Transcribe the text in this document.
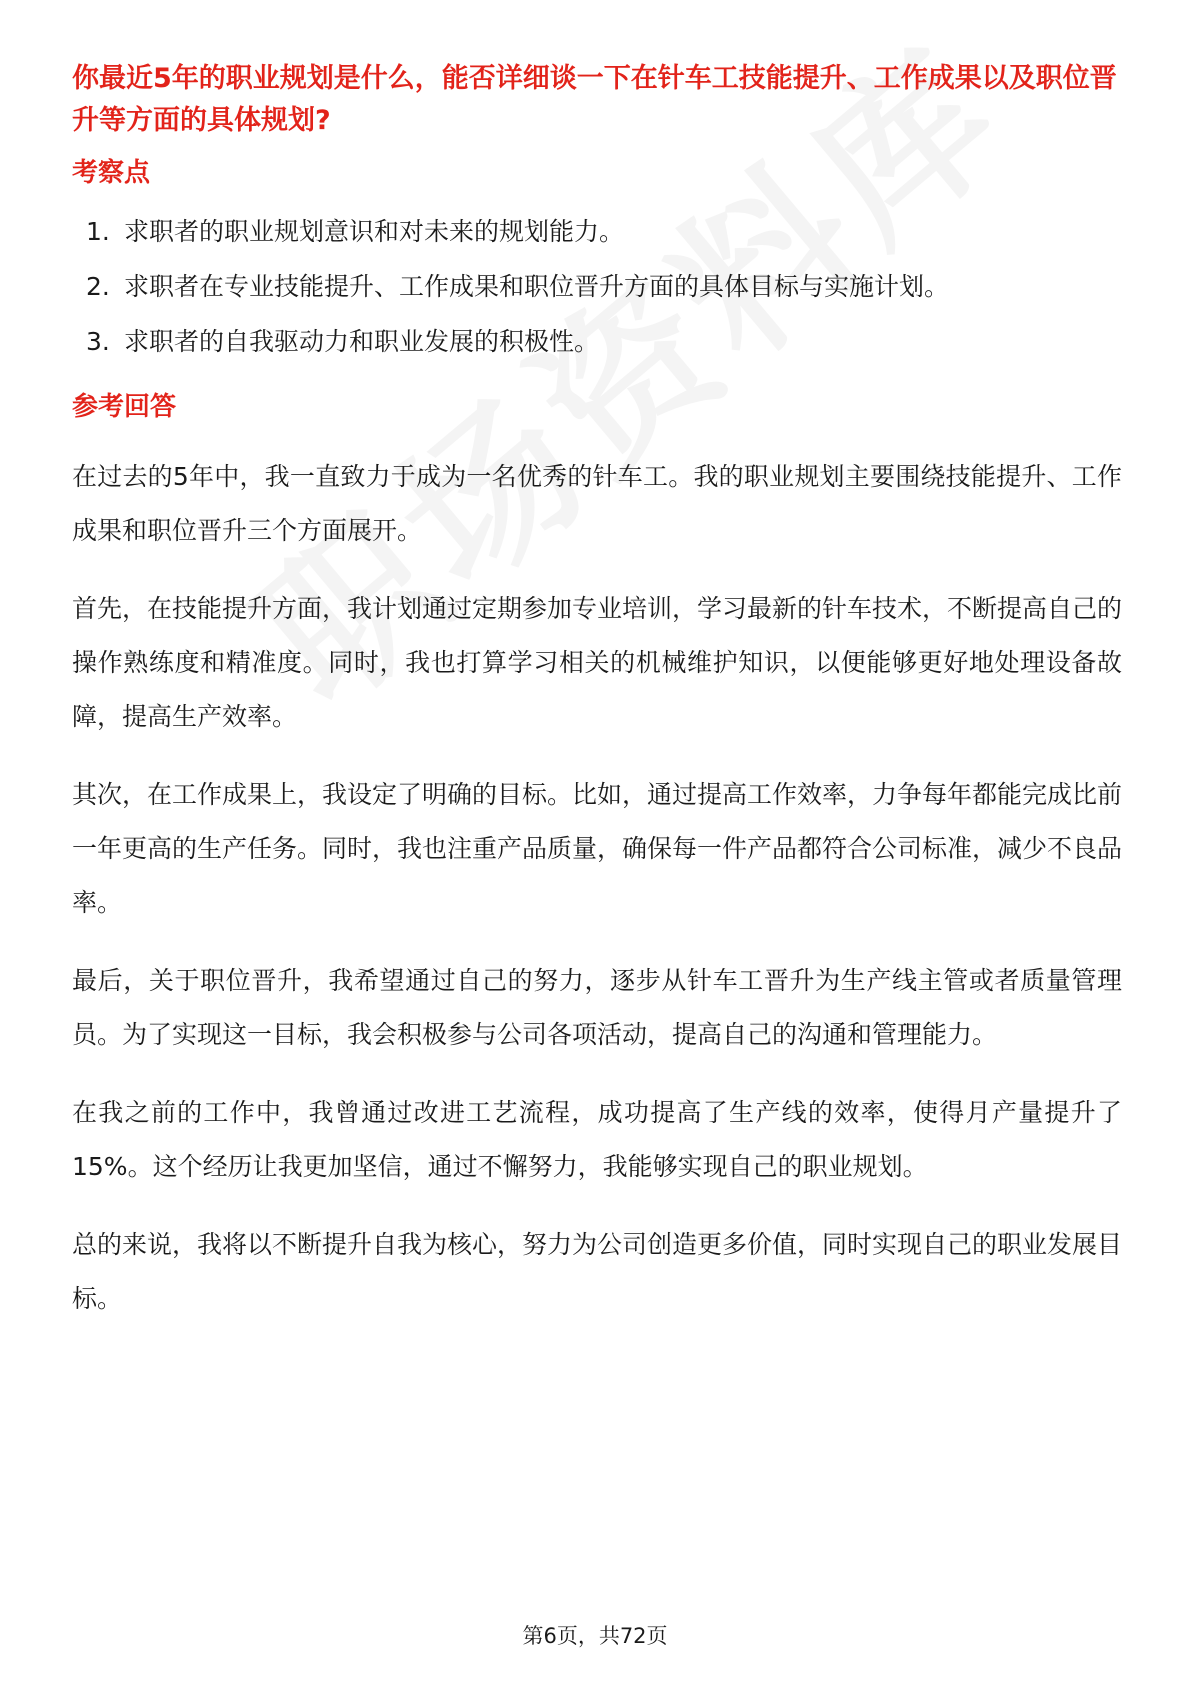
你最近5年的职业规划是什么，能否详细谈一下在针车工技能提升、工作成果以及职位晋升等方面的具体规划?

考察点
1. 求职者的职业规划意识和对未来的规划能力。
2. 求职者在专业技能提升、工作成果和职位晋升方面的具体目标与实施计划。
3. 求职者的自我驱动力和职业发展的积极性。
参考回答

在过去的5年中，我一直致力于成为一名优秀的针车工。我的职业规划主要围绕技能提升、工作成果和职位晋升三个方面展开。

首先，在技能提升方面，我计划通过定期参加专业培训，学习最新的针车技术，不断提高自己的操作熟练度和精准度。同时，我也打算学习相关的机械维护知识，以便能够更好地处理设备故障，提高生产效率。

其次，在工作成果上，我设定了明确的目标。比如，通过提高工作效率，力争每年都能完成比前一年更高的生产任务。同时，我也注重产品质量，确保每一件产品都符合公司标准，减少不良品率。

最后，关于职位晋升，我希望通过自己的努力，逐步从针车工晋升为生产线主管或者质量管理员。为了实现这一目标，我会积极参与公司各项活动，提高自己的沟通和管理能力。

在我之前的工作中，我曾通过改进工艺流程，成功提高了生产线的效率，使得月产量提升了15%。这个经历让我更加坚信，通过不懈努力，我能够实现自己的职业规划。

总的来说，我将以不断提升自我为核心，努力为公司创造更多价值，同时实现自己的职业发展目标。

第6页，共72页
